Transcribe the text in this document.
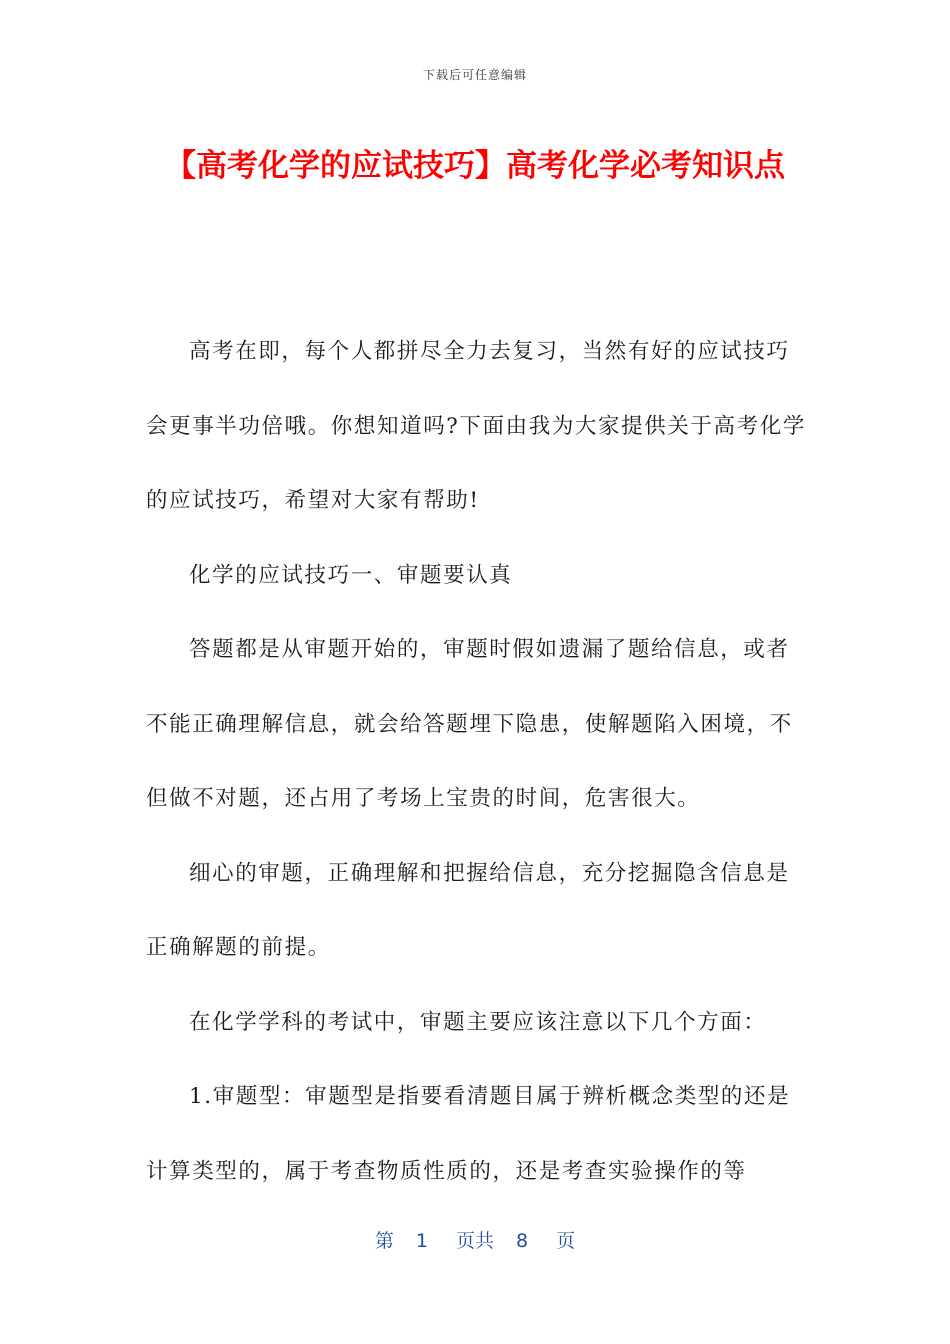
下载后可任意编辑
【高考化学的应试技巧】高考化学必考知识点

高考在即，每个人都拼尽全力去复习，当然有好的应试技巧会更事半功倍哦。你想知道吗?下面由我为大家提供关于高考化学的应试技巧，希望对大家有帮助!

化学的应试技巧一、审题要认真

答题都是从审题开始的，审题时假如遗漏了题给信息，或者不能正确理解信息，就会给答题埋下隐患，使解题陷入困境，不但做不对题，还占用了考场上宝贵的时间，危害很大。

细心的审题，正确理解和把握给信息，充分挖掘隐含信息是正确解题的前提。

在化学学科的考试中，审题主要应该注意以下几个方面：

1.审题型：审题型是指要看清题目属于辨析概念类型的还是计算类型的，属于考查物质性质的，还是考查实验操作的等

第 1 页共 8 页
